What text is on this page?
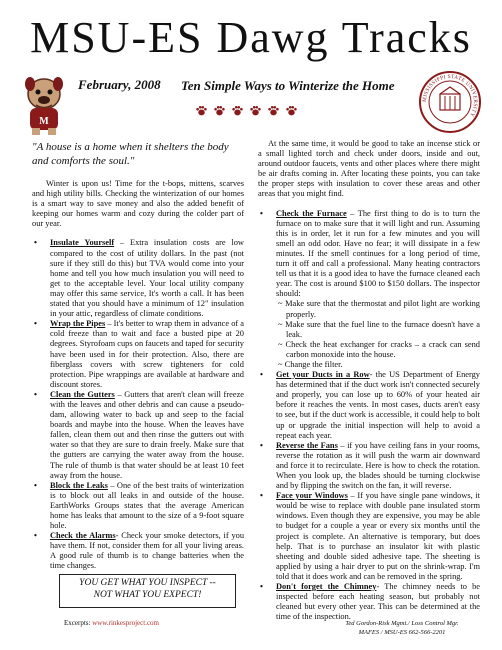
MSU-ES Dawg Tracks
M
February, 2008 Ten Simple Ways to Winterize the Home
MISSISSIPPI STATE UNIVERSITY
"A house is a home when it shelters the body and comforts the soul."

Winter is upon us! Time for the t-bops, mittens, scarves and high utility bills. Checking the winterization of our homes is a smart way to save money and also the added benefit of keeping our homes warm and cozy during the colder part of our year.

• Insulate Yourself – Extra insulation costs are low compared to the cost of utility dollars. In the past (not sure if they still do this) but TVA would come into your home and tell you how much insulation you will need to get to the acceptable level. Your local utility company may offer this same service, It's worth a call. It has been stated that you should have a minimum of 12" insulation in your attic, regardless of climate conditions.
• Wrap the Pipes – It's better to wrap them in advance of a cold freeze than to wait and face a busted pipe at 20 degrees. Styrofoam cups on faucets and taped for security have been used in for their protection. Also, there are fiberglass covers with screw tighteners for cold protection. Pipe wrappings are available at hardware and discount stores.
• Clean the Gutters – Gutters that aren't clean will freeze with the leaves and other debris and can cause a pseudo-dam, allowing water to back up and seep to the facial boards and maybe into the house. When the leaves have fallen, clean them out and then rinse the gutters out with water so that they are sure to drain freely. Make sure that the gutters are carrying the water away from the house. The rule of thumb is that water should be at least 10 feet away from the house.
• Block the Leaks – One of the best traits of winterization is to block out all leaks in and outside of the house. EarthWorks Groups states that the average American home has leaks that amount to the size of a 9-foot square hole.
• Check the Alarms- Check your smoke detectors, if you have them. If not, consider them for all your living areas. A good rule of thumb is to change batteries when the time changes.
YOU GET WHAT YOU INSPECT --
NOT WHAT YOU EXPECT!
Excerpts: www.rinkesproject.com

At the same time, it would be good to take an incense stick or a small lighted torch and check under doors, inside and out, around outdoor faucets, vents and other places where there might be air drafts coming in. After locating these points, you can take the proper steps with insulation to cover these areas and other areas that you might find.

• Check the Furnace – The first thing to do is to turn the furnace on to make sure that it will light and run. Assuming this is in order, let it run for a few minutes and you will smell an odd odor. Have no fear; it will dissipate in a few minutes. If the smell continues for a long period of time, turn it off and call a professional. Many heating contractors tell us that it is a good idea to have the furnace cleaned each year. The cost is around $100 to $150 dollars. The inspector should:
~ Make sure that the thermostat and pilot light are working properly.
~ Make sure that the fuel line to the furnace doesn't have a leak.
~ Check the heat exchanger for cracks – a crack can send carbon monoxide into the house.
~ Change the filter.
• Get your Ducts in a Row- the US Department of Energy has determined that if the duct work isn't connected securely and properly, you can lose up to 60% of your heated air before it reaches the vents. In most cases, ducts aren't easy to see, but if the duct work is accessible, it could help to bolt up or upgrade the initial inspection will help to avoid a repeat each year.
• Reverse the Fans – if you have ceiling fans in your rooms, reverse the rotation as it will push the warm air downward and force it to recirculate. Here is how to check the rotation. When you look up, the blades should be turning clockwise and by flipping the switch on the fan, it will reverse.
• Face your Windows – If you have single pane windows, it would be wise to replace with double pane insulated storm windows. Even though they are expensive, you may be able to budget for a couple a year or every six months until the project is complete. An alternative is temporary, but does help. That is to purchase an insulator kit with plastic sheeting and double sided adhesive tape. The sheeting is applied by using a hair dryer to put on the shrink-wrap. I'm told that it does work and can be removed in the spring.
• Don't forget the Chimney- The chimney needs to be inspected before each heating season, but probably not cleaned but every other year. This can be determined at the time of the inspection.
Ted Gordon-Risk Mgmt./ Loss Control Mgr.
MAFES / MSU-ES 662-566-2201
